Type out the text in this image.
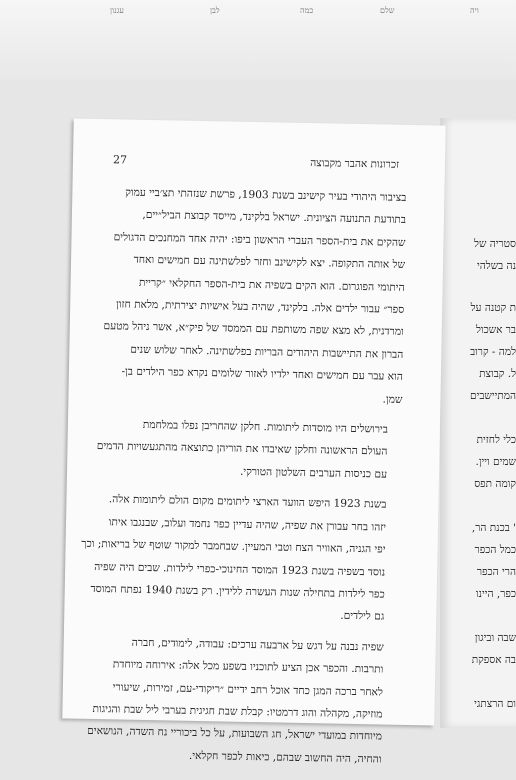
עגנון	לבן	כמה	שלם	ויה
סטריה של
נה בשלהי
ת קטנה על
בר אשכול
למה - קרוב
ל. קבוצת
המתיישבים
כלי לחזית
שמים ויין.
קומה תפס
' בכנת הר,
כמל הכפר
הרי הכפר
כפר, היינו
שבה וביגון
בה אספקת
ום הרצתגי
27	זכרונות אהבר מקבוצה
בציבור היהודי בעיר קישינב בשנת 1903, פרשת שנזהתי תצ׳ביי עמוק
בתודעת התנועה הציונית. ישראל בלקינד, מייסד קבוצת הביל״יים,
שהקים את בית-הספר העברי הראשון ביפו: יהיה אחד המחנכים הדגולים
של אותה התקופה. יצא לקישינב וחזר לפלשתינה עם חמישים ואחד
היתומי הפוגרום. הוא הקים בשפיה את בית-הספר החקלאי ״קריית
ספר״ עבור ילדים אלה. בלקינד, שהיה בעל אישיות יצירתית, מלאת חזון
ומרדנית, לא מצא שפה משותפת עם הממסד של פיק״א, אשר ניהל מטעם
הברון את התיישבות היהודים הבריות בפלשתינה. לאחר שלוש שנים
הוא עבר עם חמישים ואחד ילדיו לאזור שלומים נקרא כפר הילדים בן-
שמן.
בירושלים היו מוסדות ליתומות. חלקן שהחריבן נפלו במלחמת
העולם הראשונה וחלקן שאיבדו את הוריהן כתוצאה מהתגעשויות הדמים
עם כניסות הערבים השלטון הטורקי.
בשנת 1923 היפש הוועד הארצי ליתומים מקום הולם ליתומות אלה.
יזהו בחר עבורן את שפיה, שהיה עדיין כפר נחמד ועלוב, שבנגבו איתו
יפי הגניה, האוויר הצח וטבי המעיין. שבחמבר למקור שוטף של בריאות; וכך
נוסד בשפיה בשנת 1923 המוסד החינוכי-כפרי לילדות. שבים היה שפיה
כפר לילדות בתחילה שנות העשרה ללידין. רק בשנת 1940 נפתח המוסד
גם לילדים.
שפיה נבנה על דגש על ארבעה ערכים: עבודה, לימודים, חברה
ותרבות. והכפר אכן הציע לתוכניו בשפע מכל אלה: אירוחה מיוחדת
לאחר ברכה המגן כחד אוכל רחב ידיים ״ריקודי-עם, זמירות, שיעורי
מוזיקה, מקהלה והוג דרמטיו: קבלת שבת חגיגית בערבי ליל שבת והגיגות
מיוחדות במועדי ישראל, חג השבועות, על כל ביכוריי נח השדה, הנושאים
והחיה, היה החשוב שבהם, כיאות לכפר חקלאי.
